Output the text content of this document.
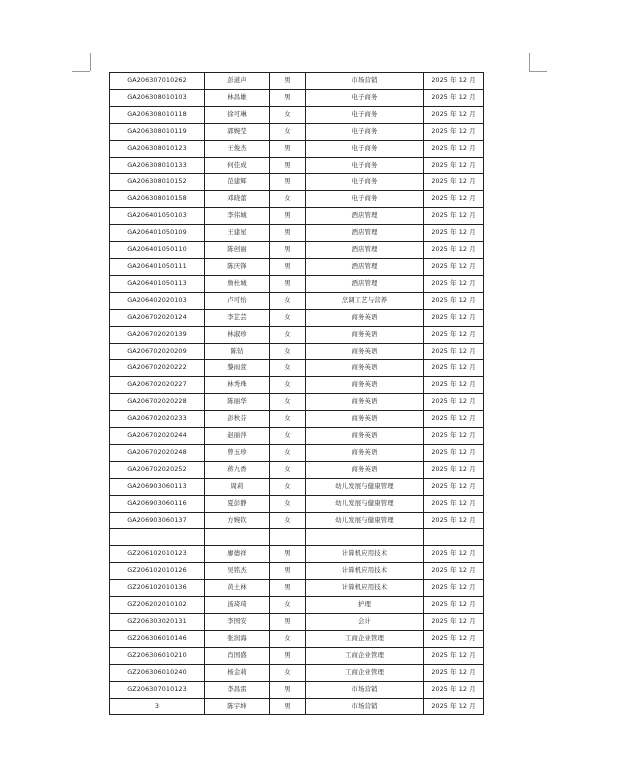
GA206307010262	彭道声	男	市场营销	2025 年 12 月
GA206308010103	林昌雄	男	电子商务	2025 年 12 月
GA206308010118	徐可琳	女	电子商务	2025 年 12 月
GA206308010119	郭婉莹	女	电子商务	2025 年 12 月
GA206308010123	王俊杰	男	电子商务	2025 年 12 月
GA206308010133	何佳成	男	电子商务	2025 年 12 月
GA206308010152	范建辉	男	电子商务	2025 年 12 月
GA206308010158	邓晓蕾	女	电子商务	2025 年 12 月
GA206401050103	李伟城	男	酒店管理	2025 年 12 月
GA206401050109	王建星	男	酒店管理	2025 年 12 月
GA206401050110	陈创丽	男	酒店管理	2025 年 12 月
GA206401050111	陈庆锋	男	酒店管理	2025 年 12 月
GA206401050113	詹杜城	男	酒店管理	2025 年 12 月
GA206402020103	卢可怡	女	烹调工艺与营养	2025 年 12 月
GA206702020124	李芷芸	女	商务英语	2025 年 12 月
GA206702020139	林淑珍	女	商务英语	2025 年 12 月
GA206702020209	陈钻	女	商务英语	2025 年 12 月
GA206702020222	黎雨萱	女	商务英语	2025 年 12 月
GA206702020227	林秀珠	女	商务英语	2025 年 12 月
GA206702020228	陈丽华	女	商务英语	2025 年 12 月
GA206702020233	彭秋芬	女	商务英语	2025 年 12 月
GA206702020244	赵丽萍	女	商务英语	2025 年 12 月
GA206702020248	曾玉珍	女	商务英语	2025 年 12 月
GA206702020252	蒋九香	女	商务英语	2025 年 12 月
GA206903060113	周莉	女	幼儿发展与健康管理	2025 年 12 月
GA206903060116	夏彭静	女	幼儿发展与健康管理	2025 年 12 月
GA206903060137	方婉钦	女	幼儿发展与健康管理	2025 年 12 月

GZ206102010123	廖德祥	男	计算机应用技术	2025 年 12 月
GZ206102010126	吴铭杰	男	计算机应用技术	2025 年 12 月
GZ206102010136	黄土林	男	计算机应用技术	2025 年 12 月
GZ206202010102	汤琦琦	女	护理	2025 年 12 月
GZ206303020131	李国安	男	会计	2025 年 12 月
GZ206306010146	张润海	女	工商企业管理	2025 年 12 月
GZ206306010210	肖国盛	男	工商企业管理	2025 年 12 月
GZ206306010240	杨金莉	女	工商企业管理	2025 年 12 月
GZ206307010123	李昌雷	男	市场营销	2025 年 12 月
3	陈宇坤	男	市场营销	2025 年 12 月
